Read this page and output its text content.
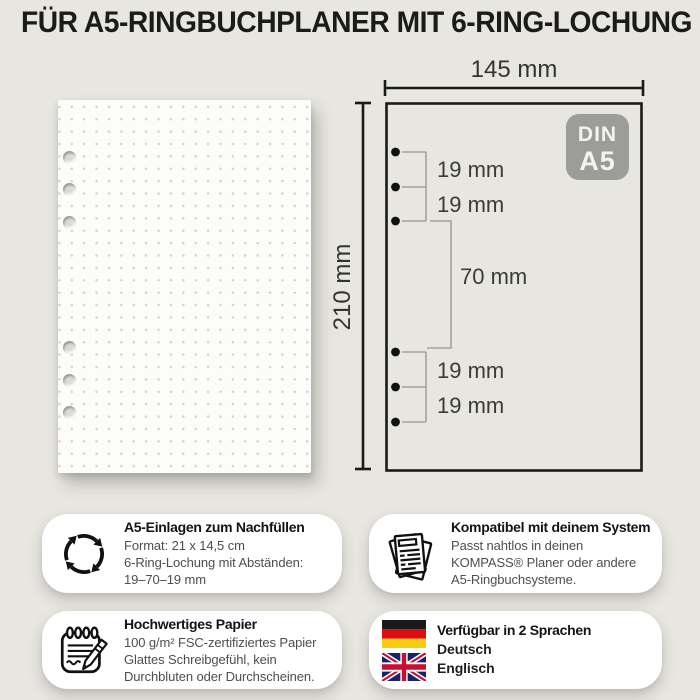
FÜR A5-RINGBUCHPLANER MIT 6-RING-LOCHUNG
145 mm
210 mm
19 mm
19 mm
70 mm
19 mm
19 mm
DIN
A5
A5-Einlagen zum Nachfüllen
Format: 21 x 14,5 cm
6-Ring-Lochung mit Abständen:
19–70–19 mm
Kompatibel mit deinem System
Passt nahtlos in deinen
KOMPASS® Planer oder andere
A5-Ringbuchsysteme.
Hochwertiges Papier
100 g/m² FSC-zertifiziertes Papier
Glattes Schreibgefühl, kein
Durchbluten oder Durchscheinen.
Verfügbar in 2 Sprachen
Deutsch
Englisch
